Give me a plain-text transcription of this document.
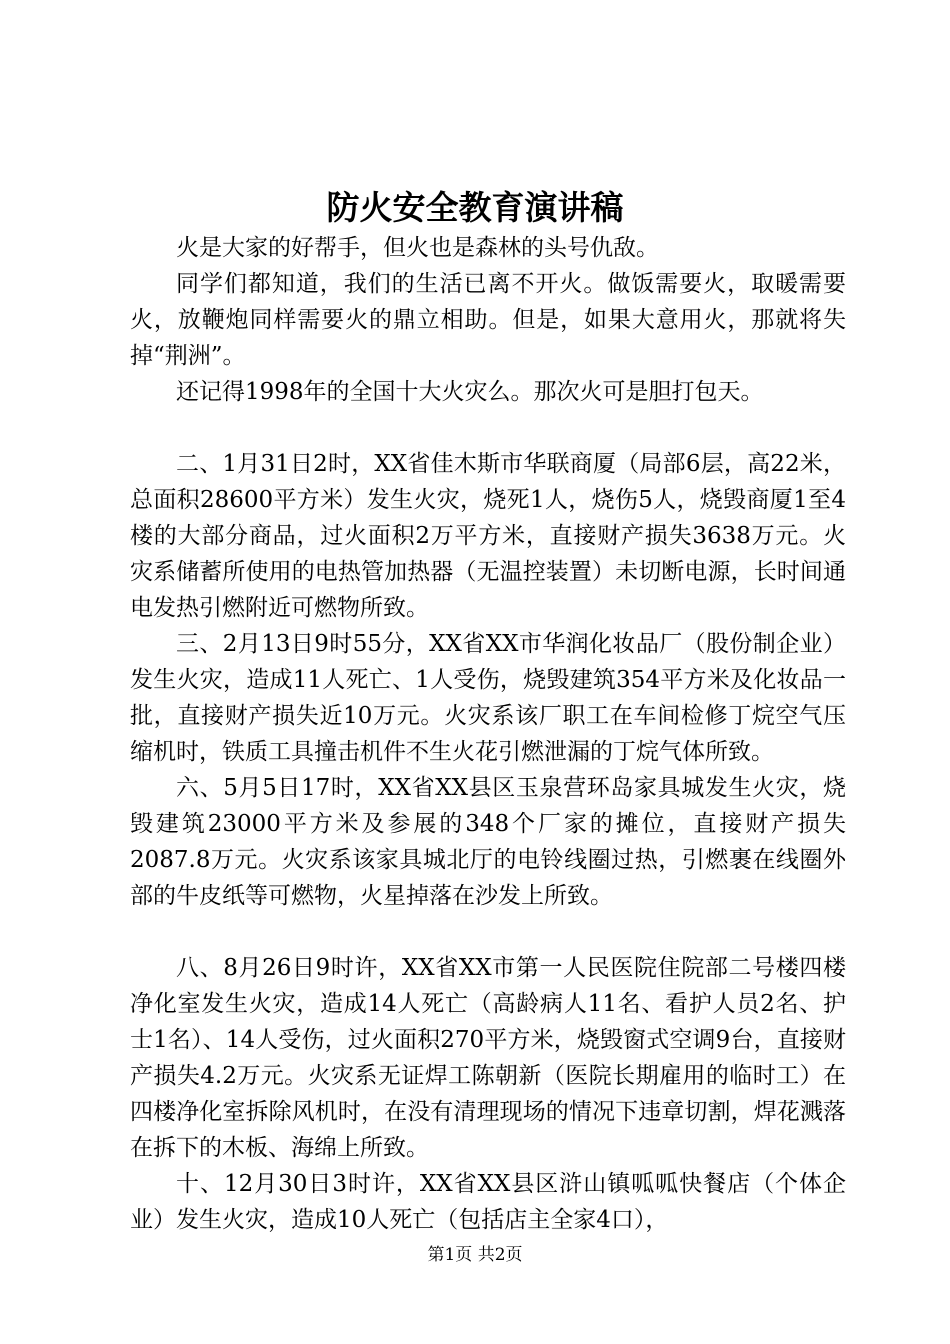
防火安全教育演讲稿

火是大家的好帮手，但火也是森林的头号仇敌。

同学们都知道，我们的生活已离不开火。做饭需要火，取暖需要火，放鞭炮同样需要火的鼎立相助。但是，如果大意用火，那就将失掉“荆洲”。

还记得1998年的全国十大火灾么。那次火可是胆打包天。

二、1月31日2时，XX省佳木斯市华联商厦（局部6层，高22米，总面积28600平方米）发生火灾，烧死1人，烧伤5人，烧毁商厦1至4楼的大部分商品，过火面积2万平方米，直接财产损失3638万元。火灾系储蓄所使用的电热管加热器（无温控装置）未切断电源，长时间通电发热引燃附近可燃物所致。

三、2月13日9时55分，XX省XX市华润化妆品厂（股份制企业）发生火灾，造成11人死亡、1人受伤，烧毁建筑354平方米及化妆品一批，直接财产损失近10万元。火灾系该厂职工在车间检修丁烷空气压缩机时，铁质工具撞击机件不生火花引燃泄漏的丁烷气体所致。

六、5月5日17时，XX省XX县区玉泉营环岛家具城发生火灾，烧毁建筑23000平方米及参展的348个厂家的摊位，直接财产损失2087.8万元。火灾系该家具城北厅的电铃线圈过热，引燃裹在线圈外部的牛皮纸等可燃物，火星掉落在沙发上所致。

八、8月26日9时许，XX省XX市第一人民医院住院部二号楼四楼净化室发生火灾，造成14人死亡（高龄病人11名、看护人员2名、护士1名）、14人受伤，过火面积270平方米，烧毁窗式空调9台，直接财产损失4.2万元。火灾系无证焊工陈朝新（医院长期雇用的临时工）在四楼净化室拆除风机时，在没有清理现场的情况下违章切割，焊花溅落在拆下的木板、海绵上所致。

十、12月30日3时许，XX省XX县区浒山镇呱呱快餐店（个体企业）发生火灾，造成10人死亡（包括店主全家4口），

第1页 共2页
